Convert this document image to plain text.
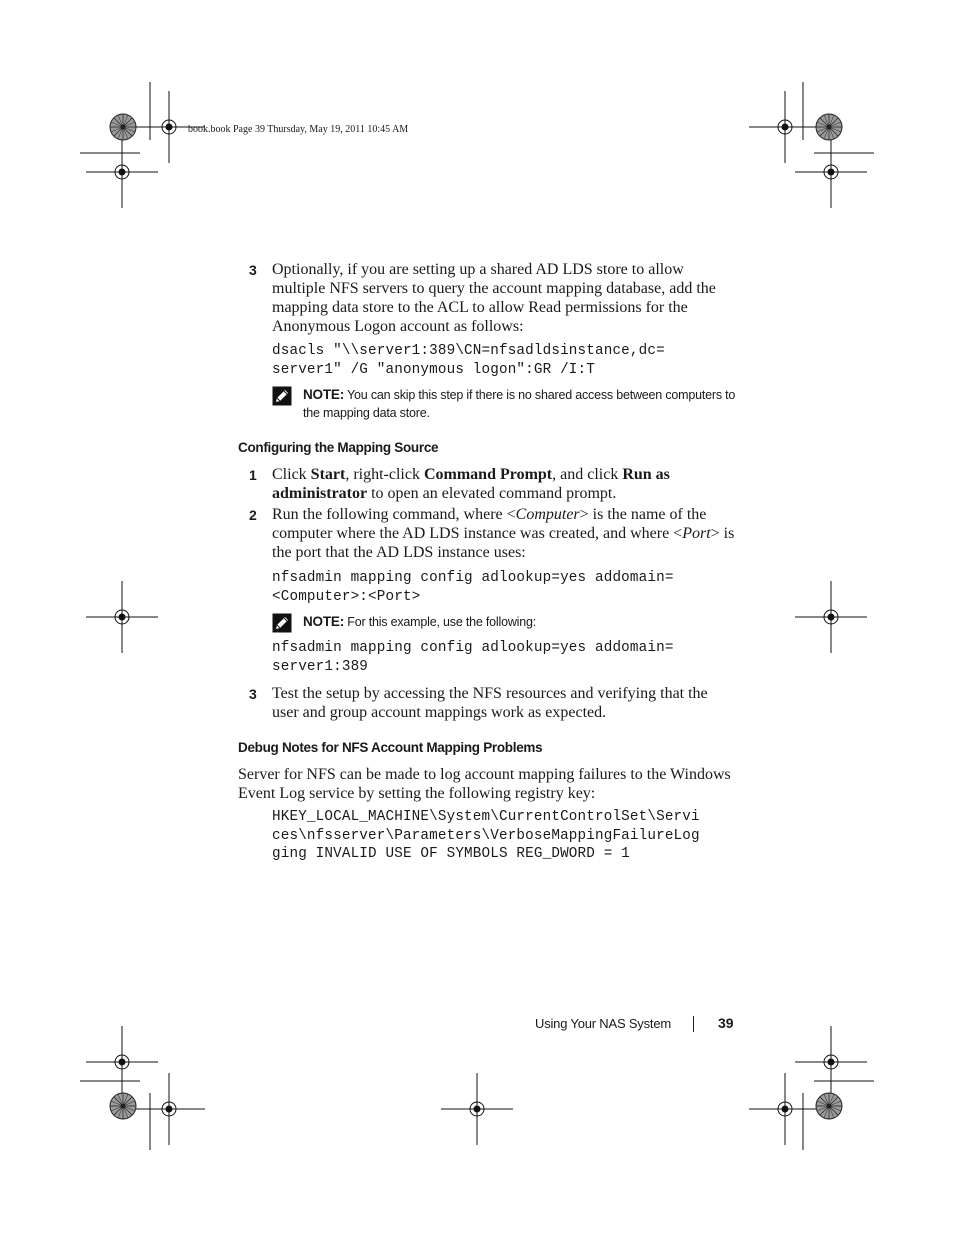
book.book Page 39 Thursday, May 19, 2011 10:45 AM
3 Optionally, if you are setting up a shared AD LDS store to allow multiple NFS servers to query the account mapping database, add the mapping data store to the ACL to allow Read permissions for the Anonymous Logon account as follows:
dsacls "\\server1:389\CN=nfsadldsinstance,dc=
server1" /G "anonymous logon":GR /I:T
NOTE: You can skip this step if there is no shared access between computers to the mapping data store.
Configuring the Mapping Source
1 Click Start, right-click Command Prompt, and click Run as administrator to open an elevated command prompt.
2 Run the following command, where <Computer> is the name of the computer where the AD LDS instance was created, and where <Port> is the port that the AD LDS instance uses:
nfsadmin mapping config adlookup=yes addomain=
<Computer>:<Port>
NOTE: For this example, use the following:
nfsadmin mapping config adlookup=yes addomain=
server1:389
3 Test the setup by accessing the NFS resources and verifying that the user and group account mappings work as expected.
Debug Notes for NFS Account Mapping Problems
Server for NFS can be made to log account mapping failures to the Windows Event Log service by setting the following registry key:
HKEY_LOCAL_MACHINE\System\CurrentControlSet\Servi
ces\nfsserver\Parameters\VerboseMappingFailureLog
ging INVALID USE OF SYMBOLS REG_DWORD = 1
Using Your NAS System	39
